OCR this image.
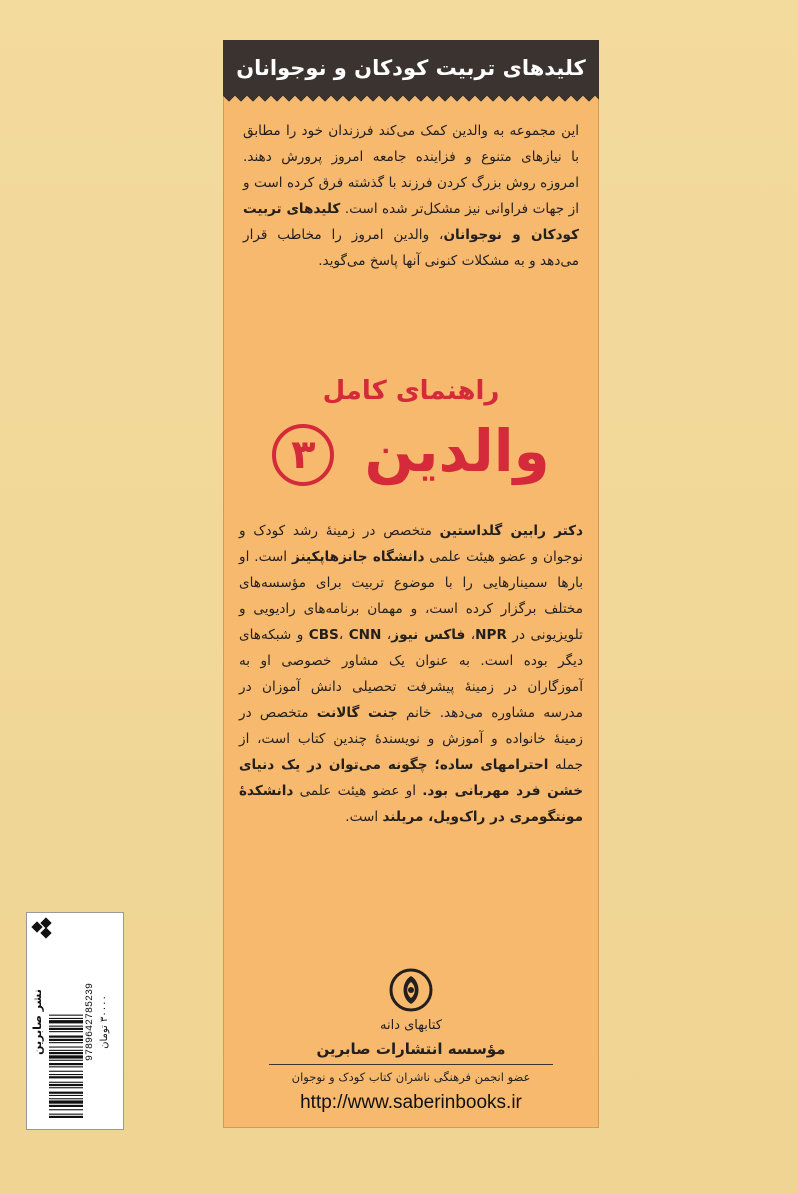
کلیدهای تربیت کودکان و نوجوانان
این مجموعه به والدین کمک می‌کند فرزندان خود را مطابق با نیازهای متنوع و فزاینده جامعه امروز پرورش دهند. امروزه روش بزرگ کردن فرزند با گذشته فرق کرده است و از جهات فراوانی نیز مشکل‌تر شده است. کلیدهای تربیت کودکان و نوجوانان، والدین امروز را مخاطب قرار می‌دهد و به مشکلات کنونی آنها پاسخ می‌گوید.
راهنمای کامل
والدین ۳
دکتر رابین گلداستین متخصص در زمینهٔ رشد کودک و نوجوان و عضو هیئت علمی دانشگاه جانزهاپکینز است. او بارها سمینارهایی را با موضوع تربیت برای مؤسسه‌های مختلف برگزار کرده است، و مهمان برنامه‌های رادیویی و تلویزیونی در NPR، فاکس نیوز، CBS، CNN و شبکه‌های دیگر بوده است. به عنوان یک مشاور خصوصی او به آموزگاران در زمینهٔ پیشرفت تحصیلی دانش آموزان در مدرسه مشاوره می‌دهد. خانم جنت گالانت متخصص در زمینهٔ خانواده و آموزش و نویسندهٔ چندین کتاب است، از جمله احترامهای ساده؛ چگونه می‌توان در یک دنیای خشن فرد مهربانی بود. او عضو هیئت علمی دانشکدهٔ مونتگومری در راک‌ویل، مریلند است.
کتابهای دانه
مؤسسه انتشارات صابرین
عضو انجمن فرهنگی ناشران کتاب کودک و نوجوان
http://www.saberinbooks.ir
نشر صابرین	9789642785239 ۳۰۰۰۰ تومان
